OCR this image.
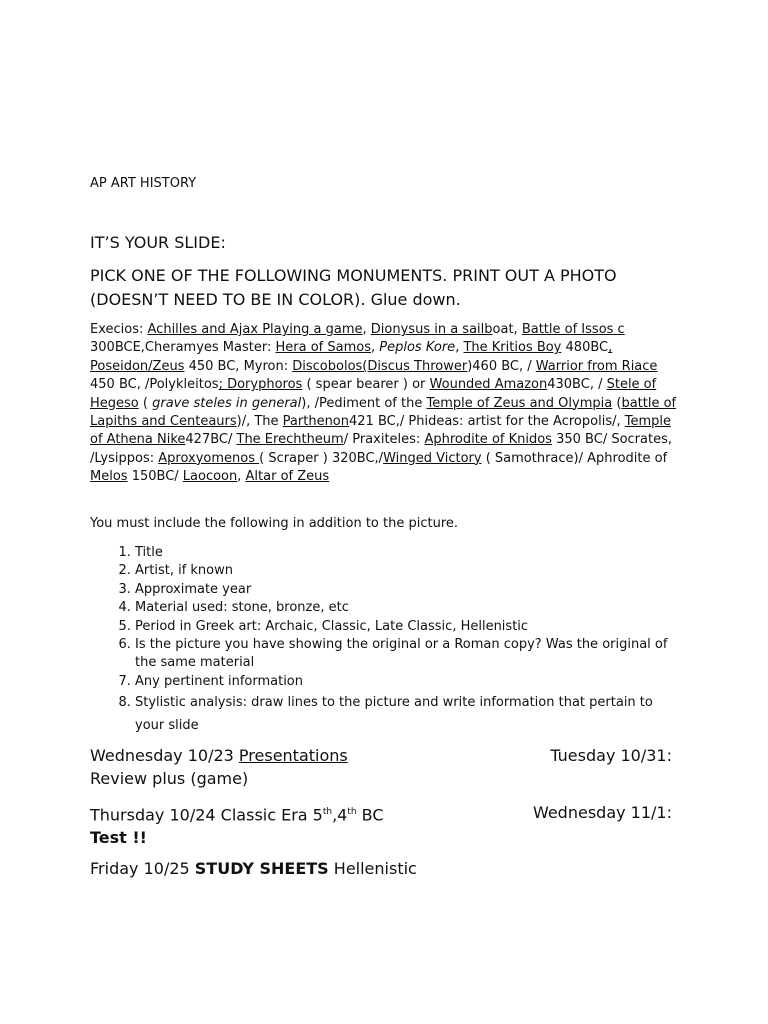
AP ART HISTORY

IT’S YOUR SLIDE:

PICK ONE OF THE FOLLOWING MONUMENTS. PRINT OUT A PHOTO (DOESN’T NEED TO BE IN COLOR). Glue down.

Execios: Achilles and Ajax Playing a game, Dionysus in a sailboat, Battle of Issos c 300BCE,Cheramyes Master: Hera of Samos, Peplos Kore, The Kritios Boy 480BC, Poseidon/Zeus 450 BC, Myron: Discobolos(Discus Thrower)460 BC, / Warrior from Riace 450 BC, /Polykleitos; Doryphoros ( spear bearer ) or Wounded Amazon430BC, / Stele of Hegeso ( grave steles in general), /Pediment of the Temple of Zeus and Olympia (battle of Lapiths and Centeaurs)/, The Parthenon421 BC,/ Phideas: artist for the Acropolis/, Temple of Athena Nike427BC/ The Erechtheum/ Praxiteles: Aphrodite of Knidos 350 BC/ Socrates, /Lysippos: Aproxyomenos ( Scraper ) 320BC,/Winged Victory ( Samothrace)/ Aphrodite of Melos 150BC/ Laocoon, Altar of Zeus

You must include the following in addition to the picture.

1. Title
2. Artist, if known
3. Approximate year
4. Material used: stone, bronze, etc
5. Period in Greek art: Archaic, Classic, Late Classic, Hellenistic
6. Is the picture you have showing the original or a Roman copy? Was the original of the same material
7. Any pertinent information
8. Stylistic analysis: draw lines to the picture and write information that pertain to your slide
Wednesday 10/23 Presentations	Tuesday 10/31:
Review plus (game)
Thursday 10/24 Classic Era 5th,4th BC	Wednesday 11/1:
Test !!
Friday 10/25 STUDY SHEETS Hellenistic
